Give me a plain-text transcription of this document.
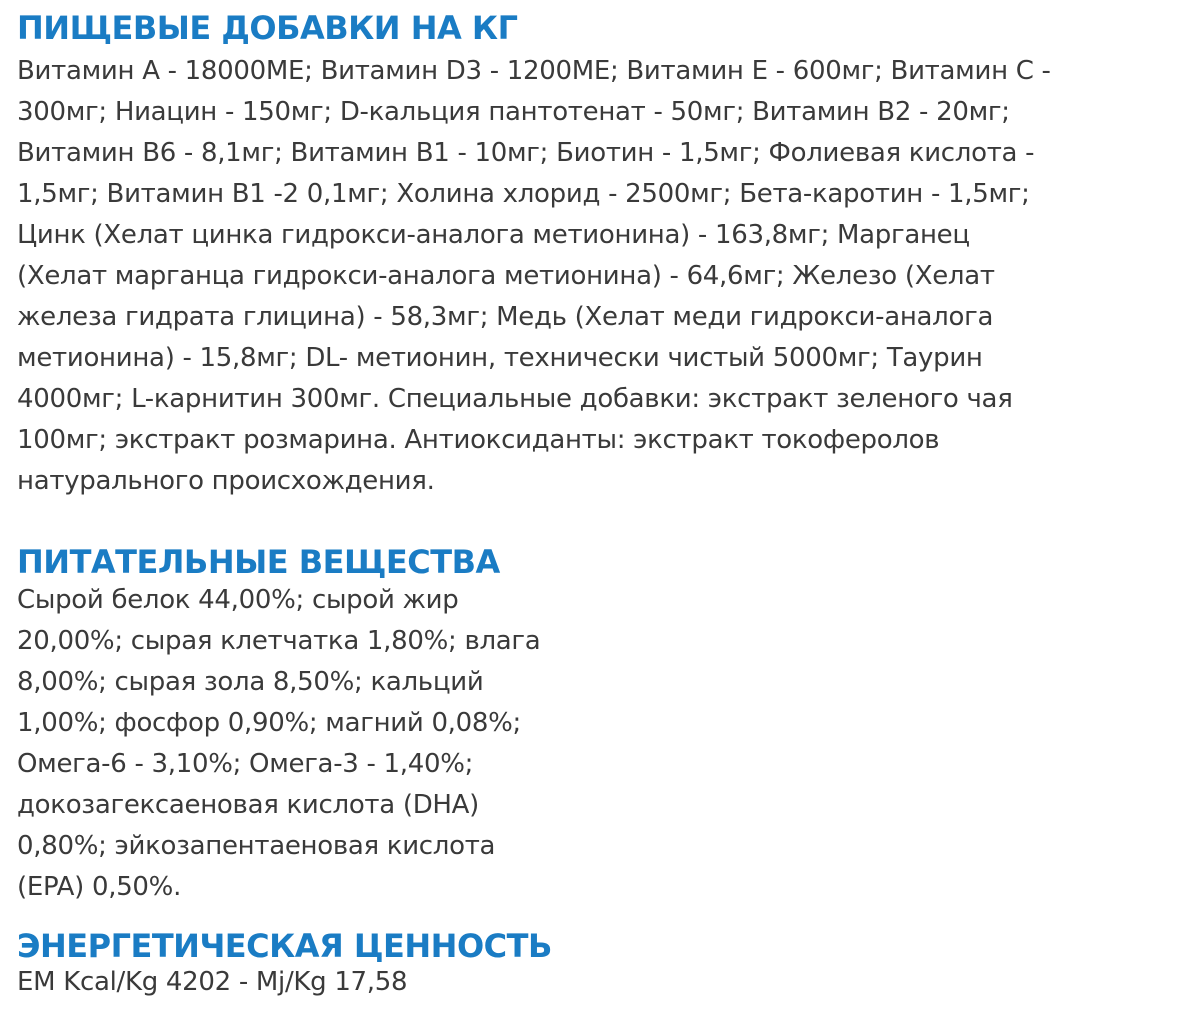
ПИЩЕВЫЕ ДОБАВКИ НА КГ

Витамин А - 18000МЕ; Витамин D3 - 1200МЕ; Витамин Е - 600мг; Витамин С -
300мг; Ниацин - 150мг; D-кальция пантотенат - 50мг; Витамин В2 - 20мг;
Витамин В6 - 8,1мг; Витамин В1 - 10мг; Биотин - 1,5мг; Фолиевая кислота -
1,5мг; Витамин В1 -2 0,1мг; Холина хлорид - 2500мг; Бета-каротин - 1,5мг;
Цинк (Хелат цинка гидрокси-аналога метионина) - 163,8мг; Марганец
(Хелат марганца гидрокси-аналога метионина) - 64,6мг; Железо (Хелат
железа гидрата глицина) - 58,3мг; Медь (Хелат меди гидрокси-аналога
метионина) - 15,8мг; DL- метионин, технически чистый 5000мг; Таурин
4000мг; L-карнитин 300мг. Специальные добавки: экстракт зеленого чая
100мг; экстракт розмарина. Антиоксиданты: экстракт токоферолов
натурального происхождения.

ПИТАТЕЛЬНЫЕ ВЕЩЕСТВА

Сырой белок 44,00%; сырой жир
20,00%; сырая клетчатка 1,80%; влага
8,00%; сырая зола 8,50%; кальций
1,00%; фосфор 0,90%; магний 0,08%;
Омега-6 - 3,10%; Омега-3 - 1,40%;
докозагексаеновая кислота (DHA)
0,80%; эйкозапентаеновая кислота
(EPA) 0,50%.

ЭНЕРГЕТИЧЕСКАЯ ЦЕННОСТЬ

ЕМ Kcal/Kg 4202 - Mj/Kg 17,58
